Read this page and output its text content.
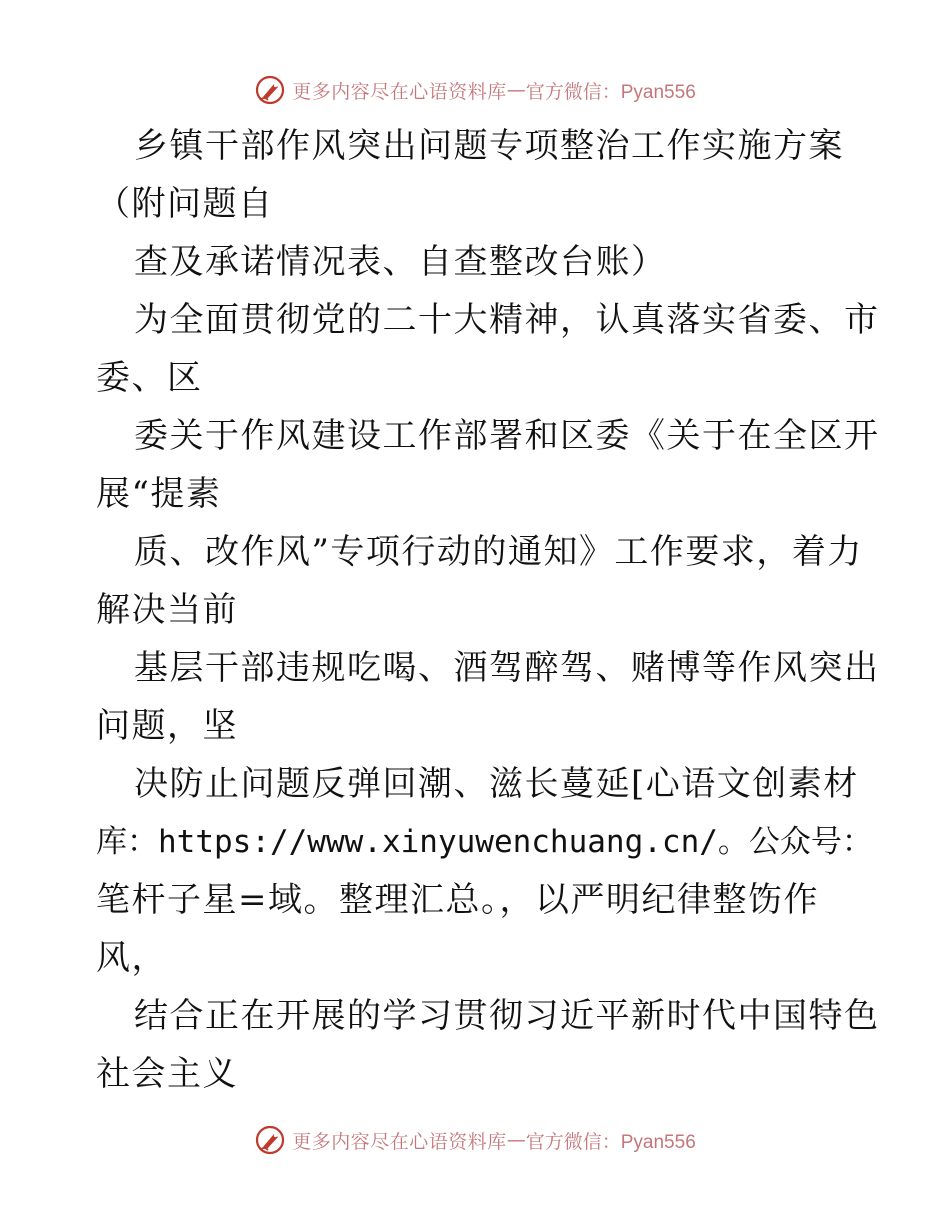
更多内容尽在心语资料库 — 官方微信：Pyan556
乡镇干部作风突出问题专项整治工作实施方案
（附问题自
查及承诺情况表、自查整改台账）
为全面贯彻党的二十大精神，认真落实省委、市
委、区
委关于作风建设工作部署和区委《关于在全区开
展“提素
质、改作风”专项行动的通知》工作要求，着力
解决当前
基层干部违规吃喝、酒驾醉驾、赌博等作风突出
问题，坚
决防止问题反弹回潮、滋长蔓延[心语文创素材
库：https://www.xinyuwenchuang.cn/。公众号：
笔杆子星=域。整理汇总。，以严明纪律整饬作
风，
结合正在开展的学习贯彻习近平新时代中国特色
社会主义
更多内容尽在心语资料库 — 官方微信：Pyan556
